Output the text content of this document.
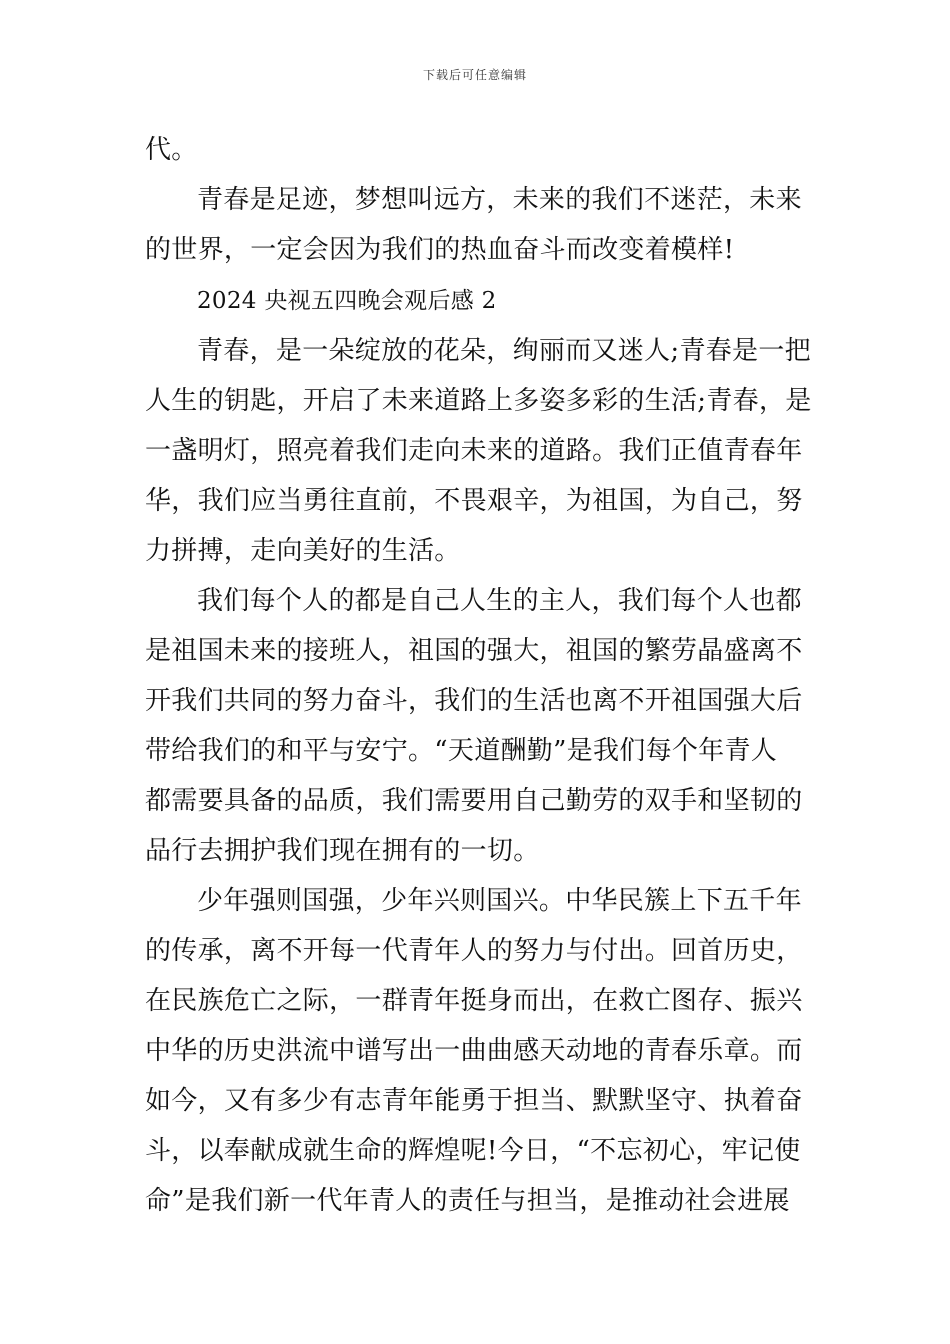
下载后可任意编辑
代。
青春是足迹，梦想叫远方，未来的我们不迷茫，未来
的世界，一定会因为我们的热血奋斗而改变着模样!
2024 央视五四晚会观后感 2
青春，是一朵绽放的花朵，绚丽而又迷人;青春是一把
人生的钥匙，开启了未来道路上多姿多彩的生活;青春，是
一盏明灯，照亮着我们走向未来的道路。我们正值青春年
华，我们应当勇往直前，不畏艰辛，为祖国，为自己，努
力拼搏，走向美好的生活。
我们每个人的都是自己人生的主人，我们每个人也都
是祖国未来的接班人，祖国的强大，祖国的繁劳晶盛离不
开我们共同的努力奋斗，我们的生活也离不开祖国强大后
带给我们的和平与安宁。“天道酬勤”是我们每个年青人
都需要具备的品质，我们需要用自己勤劳的双手和坚韧的
品行去拥护我们现在拥有的一切。
少年强则国强，少年兴则国兴。中华民簇上下五千年
的传承，离不开每一代青年人的努力与付出。回首历史，
在民族危亡之际，一群青年挺身而出，在救亡图存、振兴
中华的历史洪流中谱写出一曲曲感天动地的青春乐章。而
如今，又有多少有志青年能勇于担当、默默坚守、执着奋
斗，以奉献成就生命的辉煌呢!今日，“不忘初心，牢记使
命”是我们新一代年青人的责任与担当，是推动社会进展
